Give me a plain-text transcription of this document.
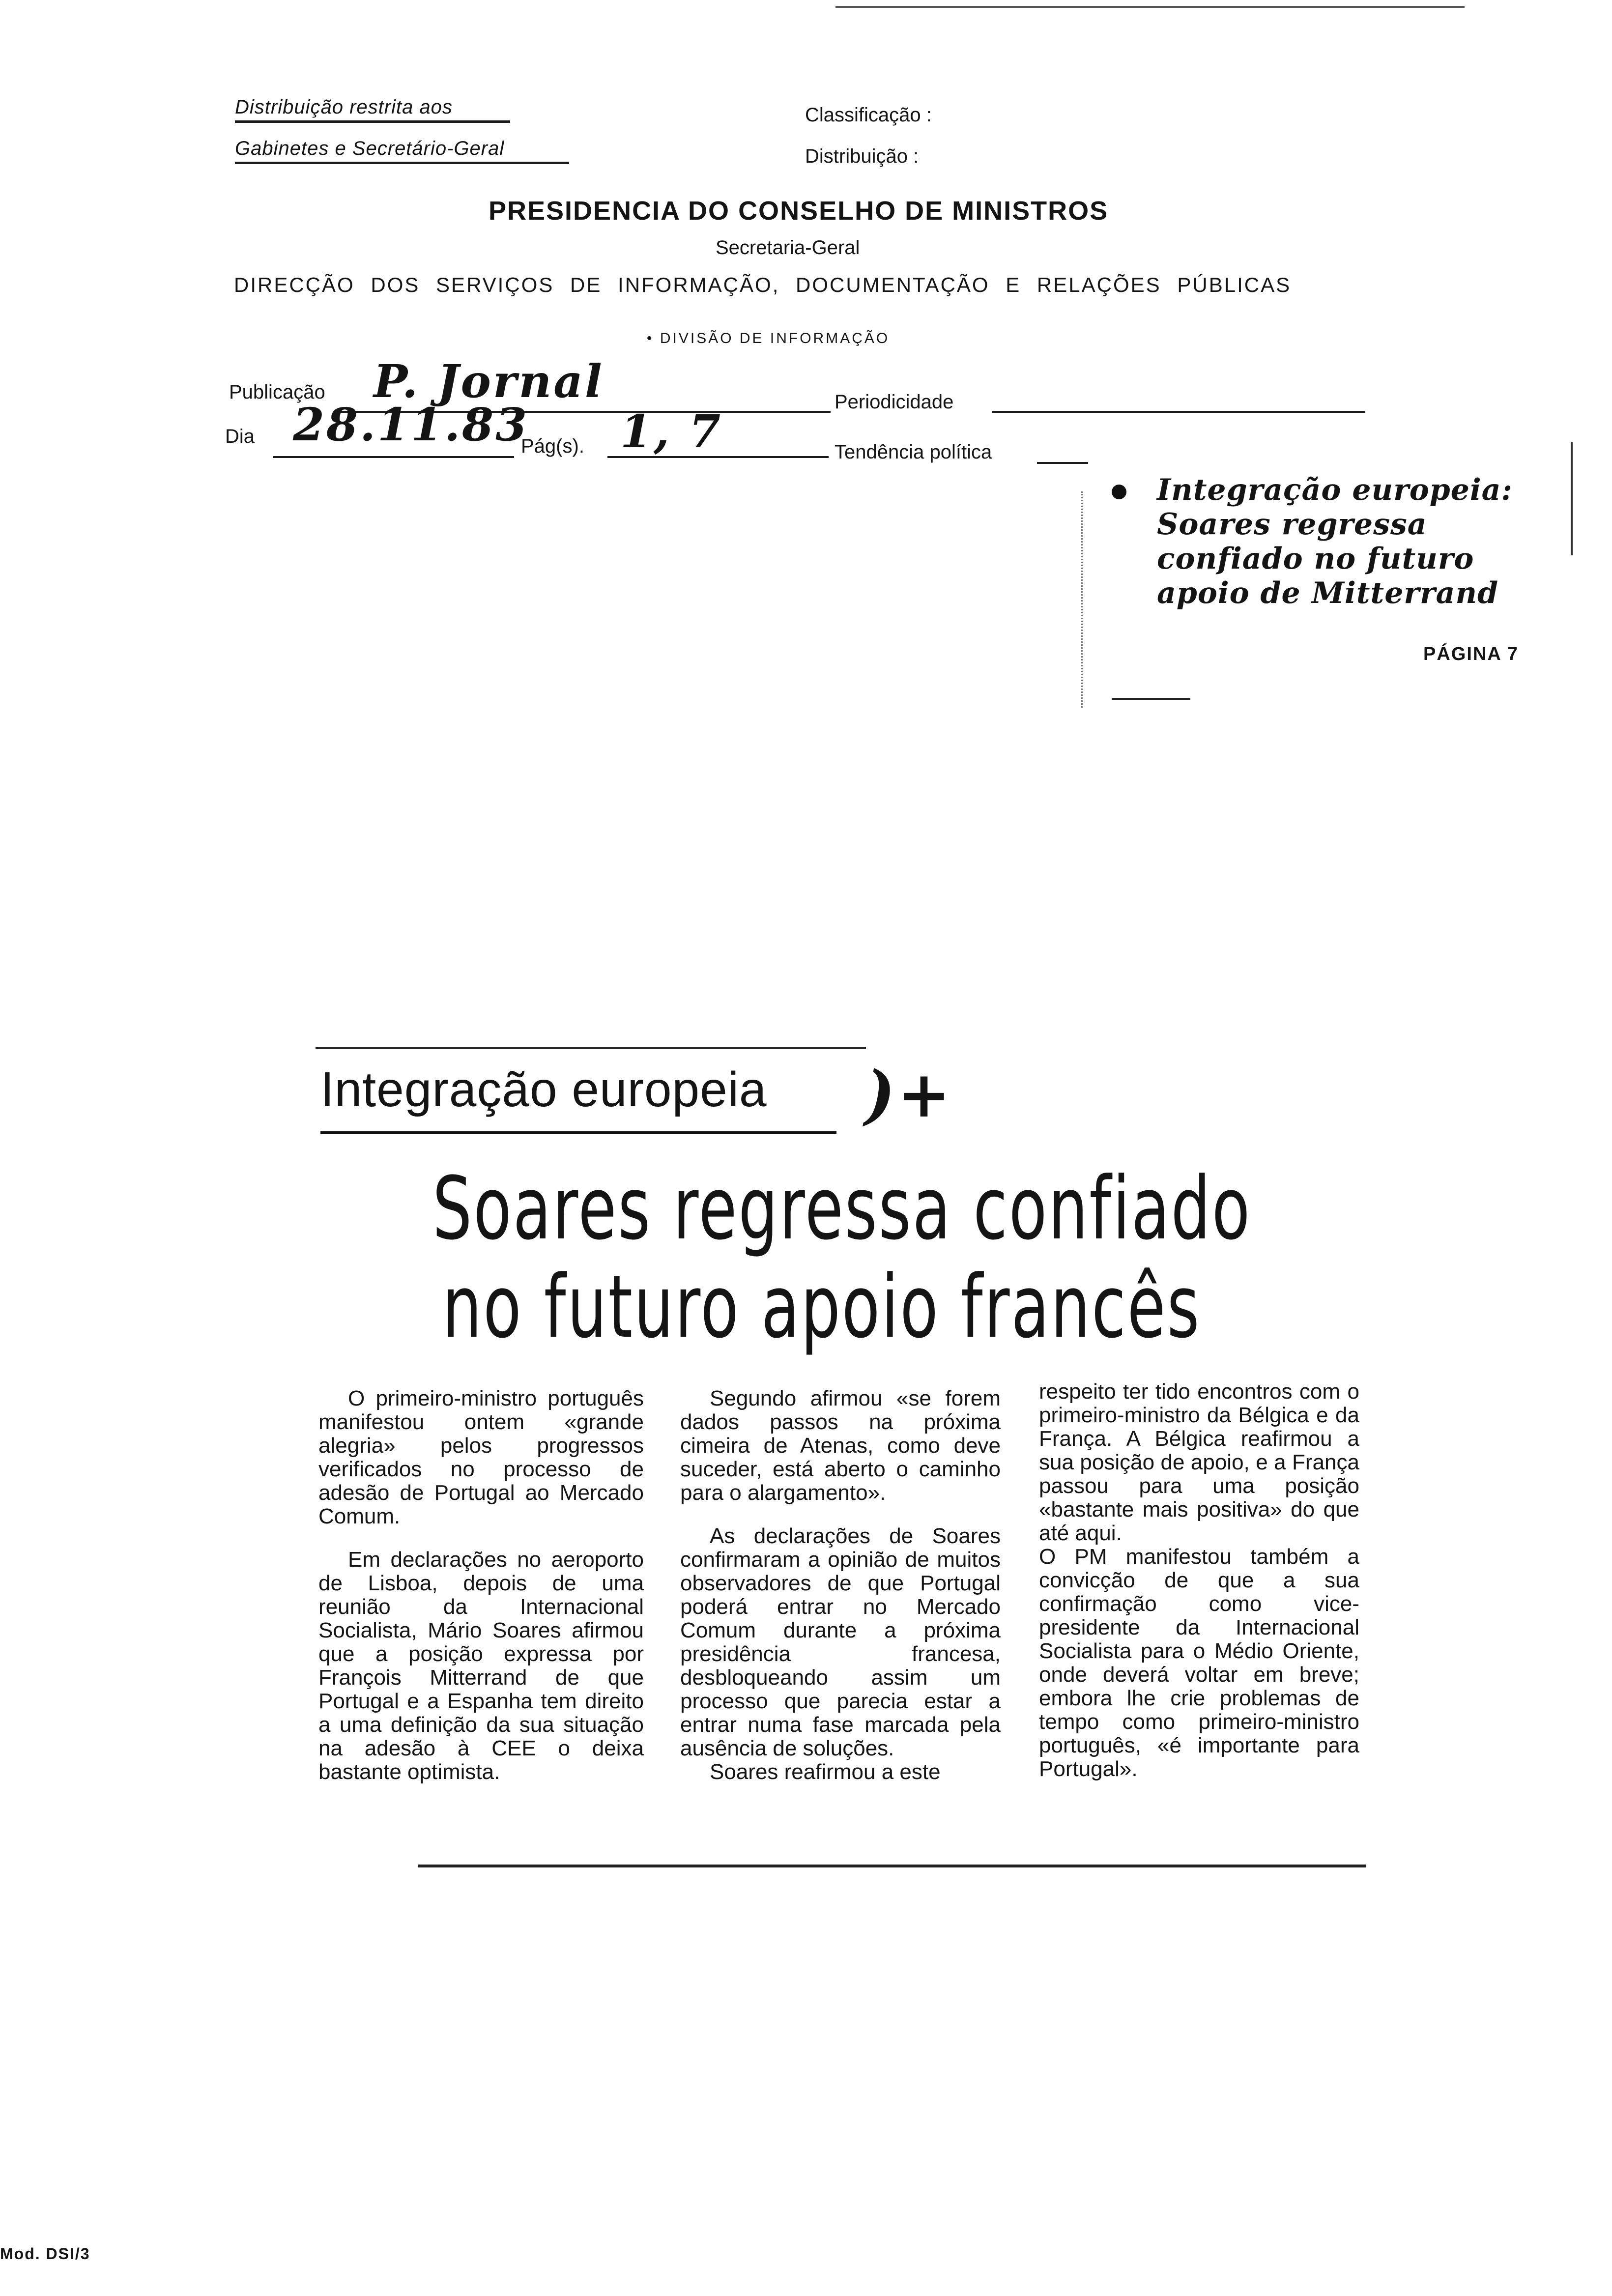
Distribuição restrita aos
Gabinetes e Secretário-Geral
Classificação :
Distribuição :
PRESIDENCIA DO CONSELHO DE MINISTROS
Secretaria-Geral
DIRECÇÃO DOS SERVIÇOS DE INFORMAÇÃO, DOCUMENTAÇÃO E RELAÇÕES PÚBLICAS
• DIVISÃO DE INFORMAÇÃO
Publicação P. Jornal
Dia 28.11.83
Pág(s). 1, 7
Periodicidade
Tendência política
Integração europeia: Soares regressa confiado no futuro apoio de Mitterrand
PÁGINA 7
Integração europeia )+
Soares regressa confiado
no futuro apoio francês

O primeiro-ministro português manifestou ontem «grande alegria» pelos progressos verificados no processo de adesão de Portugal ao Mercado Comum.

Em declarações no aeroporto de Lisboa, depois de uma reunião da Internacional Socialista, Mário Soares afirmou que a posição expressa por François Mitterrand de que Portugal e a Espanha tem direito a uma definição da sua situação na adesão à CEE o deixa bastante optimista.

Segundo afirmou «se forem dados passos na próxima cimeira de Atenas, como deve suceder, está aberto o caminho para o alargamento».

As declarações de Soares confirmaram a opinião de muitos observadores de que Portugal poderá entrar no Mercado Comum durante a próxima presidência francesa, desbloqueando assim um processo que parecia estar a entrar numa fase marcada pela ausência de soluções.

Soares reafirmou a este

respeito ter tido encontros com o primeiro-ministro da Bélgica e da França. A Bélgica reafirmou a sua posição de apoio, e a França passou para uma posição «bastante mais positiva» do que até aqui.

O PM manifestou também a convicção de que a sua confirmação como vice-presidente da Internacional Socialista para o Médio Oriente, onde deverá voltar em breve; embora lhe crie problemas de tempo como primeiro-ministro português, «é importante para Portugal».

Mod. DSI/3
